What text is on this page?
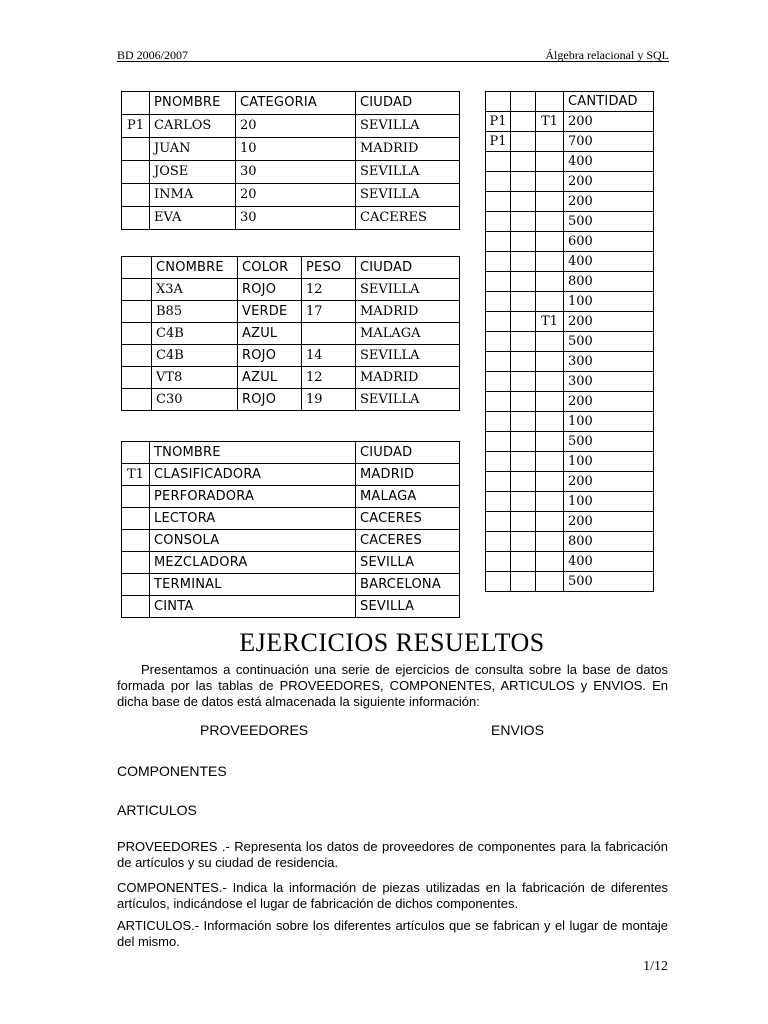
BD 2006/2007	Álgebra relacional y SQL
	PNOMBRE	CATEGORIA	CIUDAD
P1	CARLOS	20	SEVILLA
	JUAN	10	MADRID
	JOSE	30	SEVILLA
	INMA	20	SEVILLA
	EVA	30	CACERES
	CNOMBRE	COLOR	PESO	CIUDAD
	X3A	ROJO	12	SEVILLA
	B85	VERDE	17	MADRID
	C4B	AZUL		MALAGA
	C4B	ROJO	14	SEVILLA
	VT8	AZUL	12	MADRID
	C30	ROJO	19	SEVILLA
	TNOMBRE	CIUDAD
T1	CLASIFICADORA	MADRID
	PERFORADORA	MALAGA
	LECTORA	CACERES
	CONSOLA	CACERES
	MEZCLADORA	SEVILLA
	TERMINAL	BARCELONA
	CINTA	SEVILLA
			CANTIDAD
P1		T1	200
P1			700
			400
			200
			200
			500
			600
			400
			800
			100
		T1	200
			500
			300
			300
			200
			100
			500
			100
			200
			100
			200
			800
			400
			500
EJERCICIOS RESUELTOS
Presentamos a continuación una serie de ejercicios de consulta sobre la base de datos formada por las tablas de PROVEEDORES, COMPONENTES, ARTICULOS y ENVIOS. En dicha base de datos está almacenada la siguiente información:
PROVEEDORES	ENVIOS
COMPONENTES
ARTICULOS
PROVEEDORES .- Representa los datos de proveedores de componentes para la fabricación de artículos y su ciudad de residencia.
COMPONENTES.- Indica la información de piezas utilizadas en la fabricación de diferentes artículos, indicándose el lugar de fabricación de dichos componentes.
ARTICULOS.- Información sobre los diferentes artículos que se fabrican y el lugar de montaje del mismo.
1/12
